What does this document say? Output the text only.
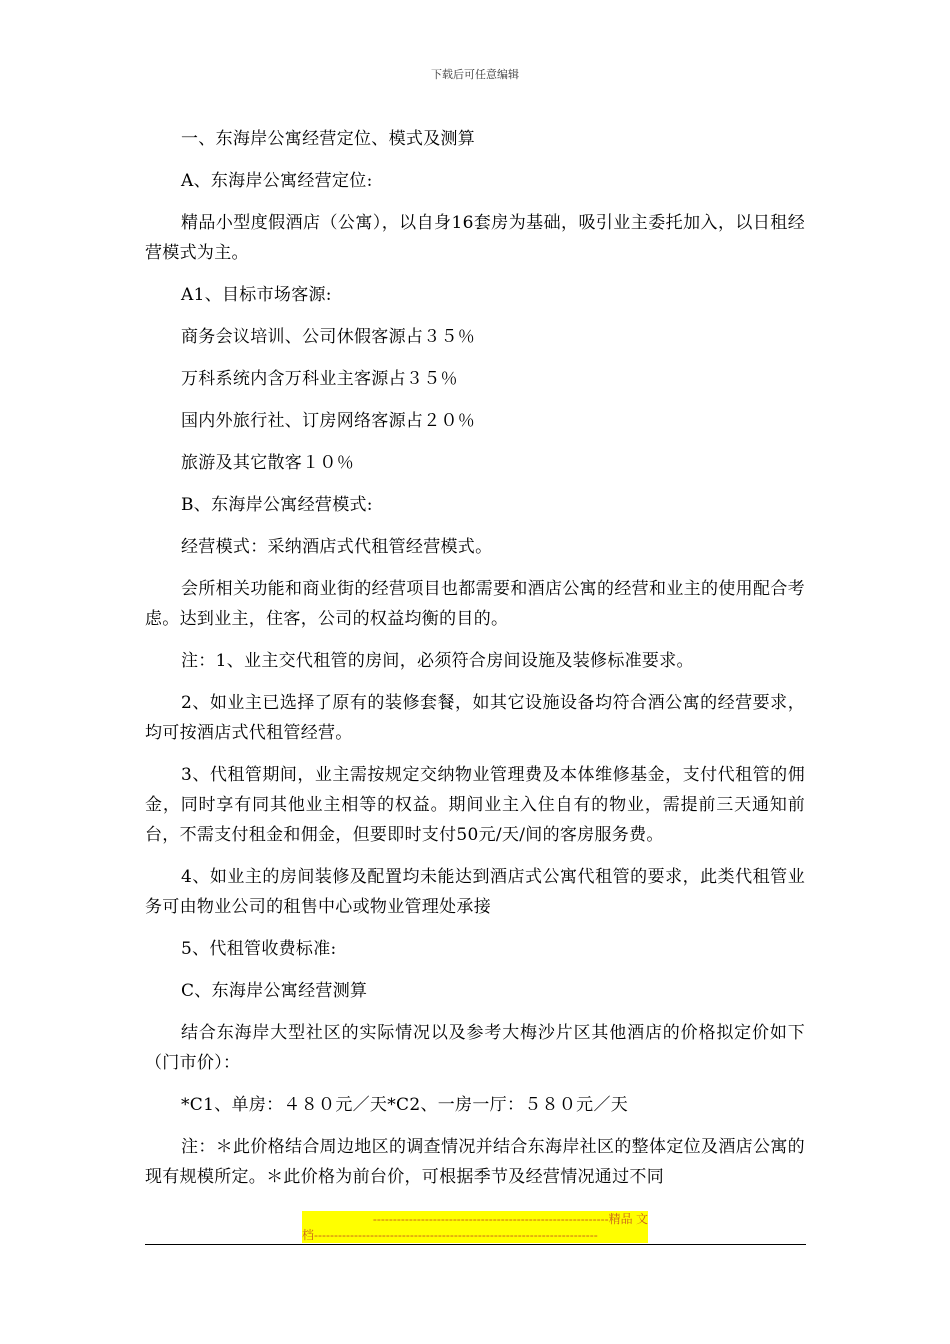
下载后可任意编辑

一、东海岸公寓经营定位、模式及测算

A、东海岸公寓经营定位:

精品小型度假酒店（公寓），以自身16套房为基础，吸引业主委托加入，以日租经营模式为主。

A1、目标市场客源:

商务会议培训、公司休假客源占３５％

万科系统内含万科业主客源占３５％

国内外旅行社、订房网络客源占２０％

旅游及其它散客１０％

B、东海岸公寓经营模式:

经营模式：采纳酒店式代租管经营模式。

会所相关功能和商业街的经营项目也都需要和酒店公寓的经营和业主的使用配合考虑。达到业主，住客，公司的权益均衡的目的。

注：1、业主交代租管的房间，必须符合房间设施及装修标准要求。

2、如业主已选择了原有的装修套餐，如其它设施设备均符合酒公寓的经营要求，均可按酒店式代租管经营。

3、代租管期间，业主需按规定交纳物业管理费及本体维修基金，支付代租管的佣金，同时享有同其他业主相等的权益。期间业主入住自有的物业，需提前三天通知前台，不需支付租金和佣金，但要即时支付50元/天/间的客房服务费。

4、如业主的房间装修及配置均未能达到酒店式公寓代租管的要求，此类代租管业务可由物业公司的租售中心或物业管理处承接

5、代租管收费标准:

C、东海岸公寓经营测算

结合东海岸大型社区的实际情况以及参考大梅沙片区其他酒店的价格拟定价如下（门市价）：

*C1、单房：４８０元／天*C2、一房一厅：５８０元／天

注：＊此价格结合周边地区的调查情况并结合东海岸社区的整体定位及酒店公寓的现有规模所定。＊此价格为前台价，可根据季节及经营情况通过不同

-----------------------------------------------------------精品 文
档-----------------------------------------------------------------------
